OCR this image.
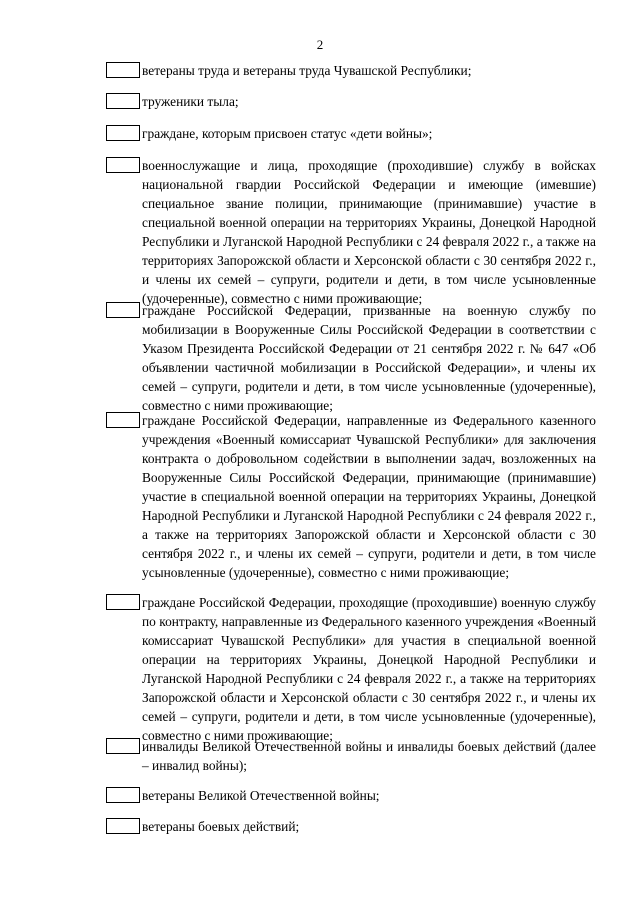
2
ветераны труда и ветераны труда Чувашской Республики;
труженики тыла;
граждане, которым присвоен статус «дети войны»;
военнослужащие и лица, проходящие (проходившие) службу в войсках национальной гвардии Российской Федерации и имеющие (имевшие) специальное звание полиции, принимающие (принимавшие) участие в специальной военной операции на территориях Украины, Донецкой Народной Республики и Луганской Народной Республики с 24 февраля 2022 г., а также на территориях Запорожской области и Херсонской области с 30 сентября 2022 г., и члены их семей – супруги, родители и дети, в том числе усыновленные (удочеренные), совместно с ними проживающие;
граждане Российской Федерации, призванные на военную службу по мобилизации в Вооруженные Силы Российской Федерации в соответствии с Указом Президента Российской Федерации от 21 сентября 2022 г. № 647 «Об объявлении частичной мобилизации в Российской Федерации», и члены их семей – супруги, родители и дети, в том числе усыновленные (удочеренные), совместно с ними проживающие;
граждане Российской Федерации, направленные из Федерального казенного учреждения «Военный комиссариат Чувашской Республики» для заключения контракта о добровольном содействии в выполнении задач, возложенных на Вооруженные Силы Российской Федерации, принимающие (принимавшие) участие в специальной военной операции на территориях Украины, Донецкой Народной Республики и Луганской Народной Республики с 24 февраля 2022 г., а также на территориях Запорожской области и Херсонской области с 30 сентября 2022 г., и члены их семей – супруги, родители и дети, в том числе усыновленные (удочеренные), совместно с ними проживающие;
граждане Российской Федерации, проходящие (проходившие) военную службу по контракту, направленные из Федерального казенного учреждения «Военный комиссариат Чувашской Республики» для участия в специальной военной операции на территориях Украины, Донецкой Народной Республики и Луганской Народной Республики с 24 февраля 2022 г., а также на территориях Запорожской области и Херсонской области с 30 сентября 2022 г., и члены их семей – супруги, родители и дети, в том числе усыновленные (удочеренные), совместно с ними проживающие;
инвалиды Великой Отечественной войны и инвалиды боевых действий (далее – инвалид войны);
ветераны Великой Отечественной войны;
ветераны боевых действий;
